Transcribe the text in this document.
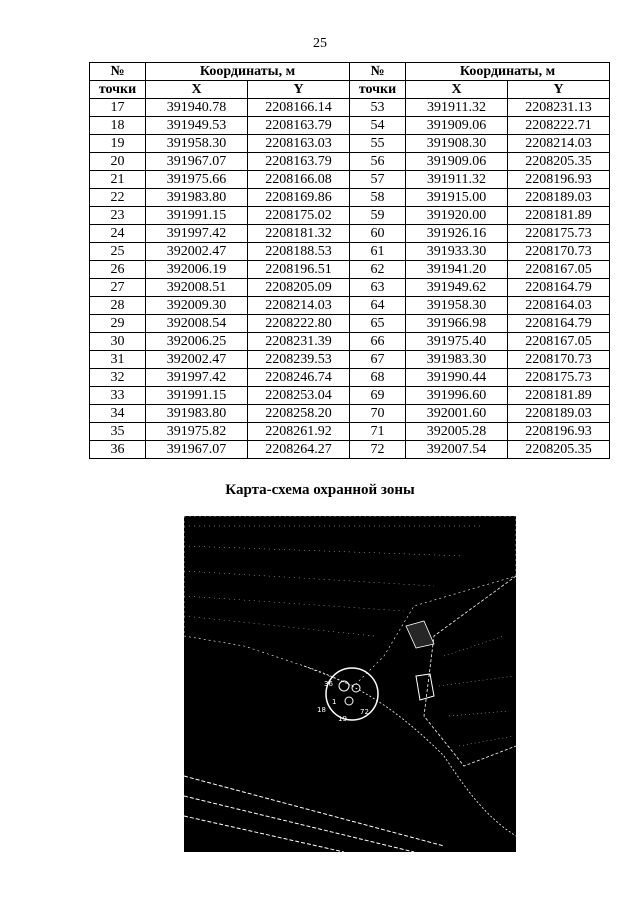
25
№	Координаты, м		№	Координаты, м	
точки	X	Y	точки	X	Y
17	391940.78	2208166.14	53	391911.32	2208231.13
18	391949.53	2208163.79	54	391909.06	2208222.71
19	391958.30	2208163.03	55	391908.30	2208214.03
20	391967.07	2208163.79	56	391909.06	2208205.35
21	391975.66	2208166.08	57	391911.32	2208196.93
22	391983.80	2208169.86	58	391915.00	2208189.03
23	391991.15	2208175.02	59	391920.00	2208181.89
24	391997.42	2208181.32	60	391926.16	2208175.73
25	392002.47	2208188.53	61	391933.30	2208170.73
26	392006.19	2208196.51	62	391941.20	2208167.05
27	392008.51	2208205.09	63	391949.62	2208164.79
28	392009.30	2208214.03	64	391958.30	2208164.03
29	392008.54	2208222.80	65	391966.98	2208164.79
30	392006.25	2208231.39	66	391975.40	2208167.05
31	392002.47	2208239.53	67	391983.30	2208170.73
32	391997.42	2208246.74	68	391990.44	2208175.73
33	391991.15	2208253.04	69	391996.60	2208181.89
34	391983.80	2208258.20	70	392001.60	2208189.03
35	391975.82	2208261.92	71	392005.28	2208196.93
36	391967.07	2208264.27	72	392007.54	2208205.35
Карта-схема охранной зоны
36
1
18
19
72
